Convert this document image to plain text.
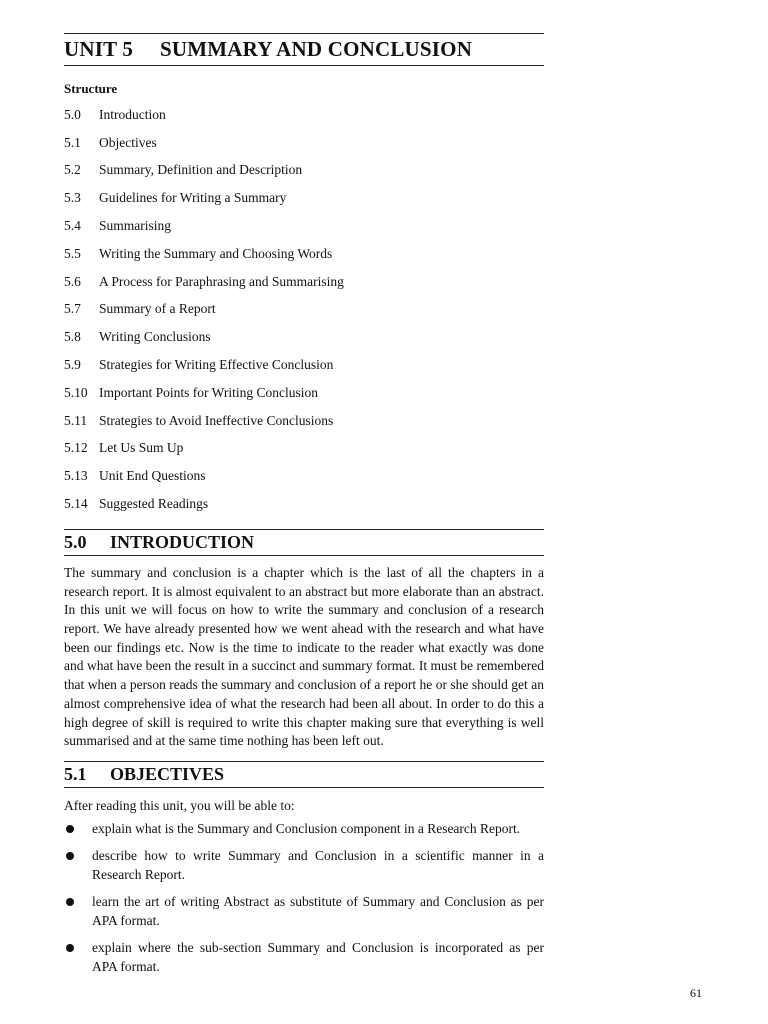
UNIT 5	SUMMARY AND CONCLUSION
Structure
5.0	Introduction
5.1	Objectives
5.2	Summary, Definition and Description
5.3	Guidelines for Writing a Summary
5.4	Summarising
5.5	Writing the Summary and Choosing Words
5.6	A Process for Paraphrasing and Summarising
5.7	Summary of a Report
5.8	Writing Conclusions
5.9	Strategies for Writing Effective Conclusion
5.10 Important Points for Writing Conclusion
5.11 Strategies to Avoid Ineffective Conclusions
5.12 Let Us Sum Up
5.13 Unit End Questions
5.14 Suggested Readings
5.0	INTRODUCTION

The summary and conclusion is a chapter which is the last of all the chapters in a research report. It is almost equivalent to an abstract but more elaborate than an abstract. In this unit we will focus on how to write the summary and conclusion of a research report. We have already presented how we went ahead with the research and what have been our findings etc. Now is the time to indicate to the reader what exactly was done and what have been the result in a succinct and summary format. It must be remembered that when a person reads the summary and conclusion of a report he or she should get an almost comprehensive idea of what the research had been all about. In order to do this a high degree of skill is required to write this chapter making sure that everything is well summarised and at the same time nothing has been left out.

5.1	OBJECTIVES
After reading this unit, you will be able to:
explain what is the Summary and Conclusion component in a Research Report.
describe how to write Summary and Conclusion in a scientific manner in a Research Report.
learn the art of writing Abstract as substitute of Summary and Conclusion as per APA format.
explain where the sub-section Summary and Conclusion is incorporated as per APA format.
61
